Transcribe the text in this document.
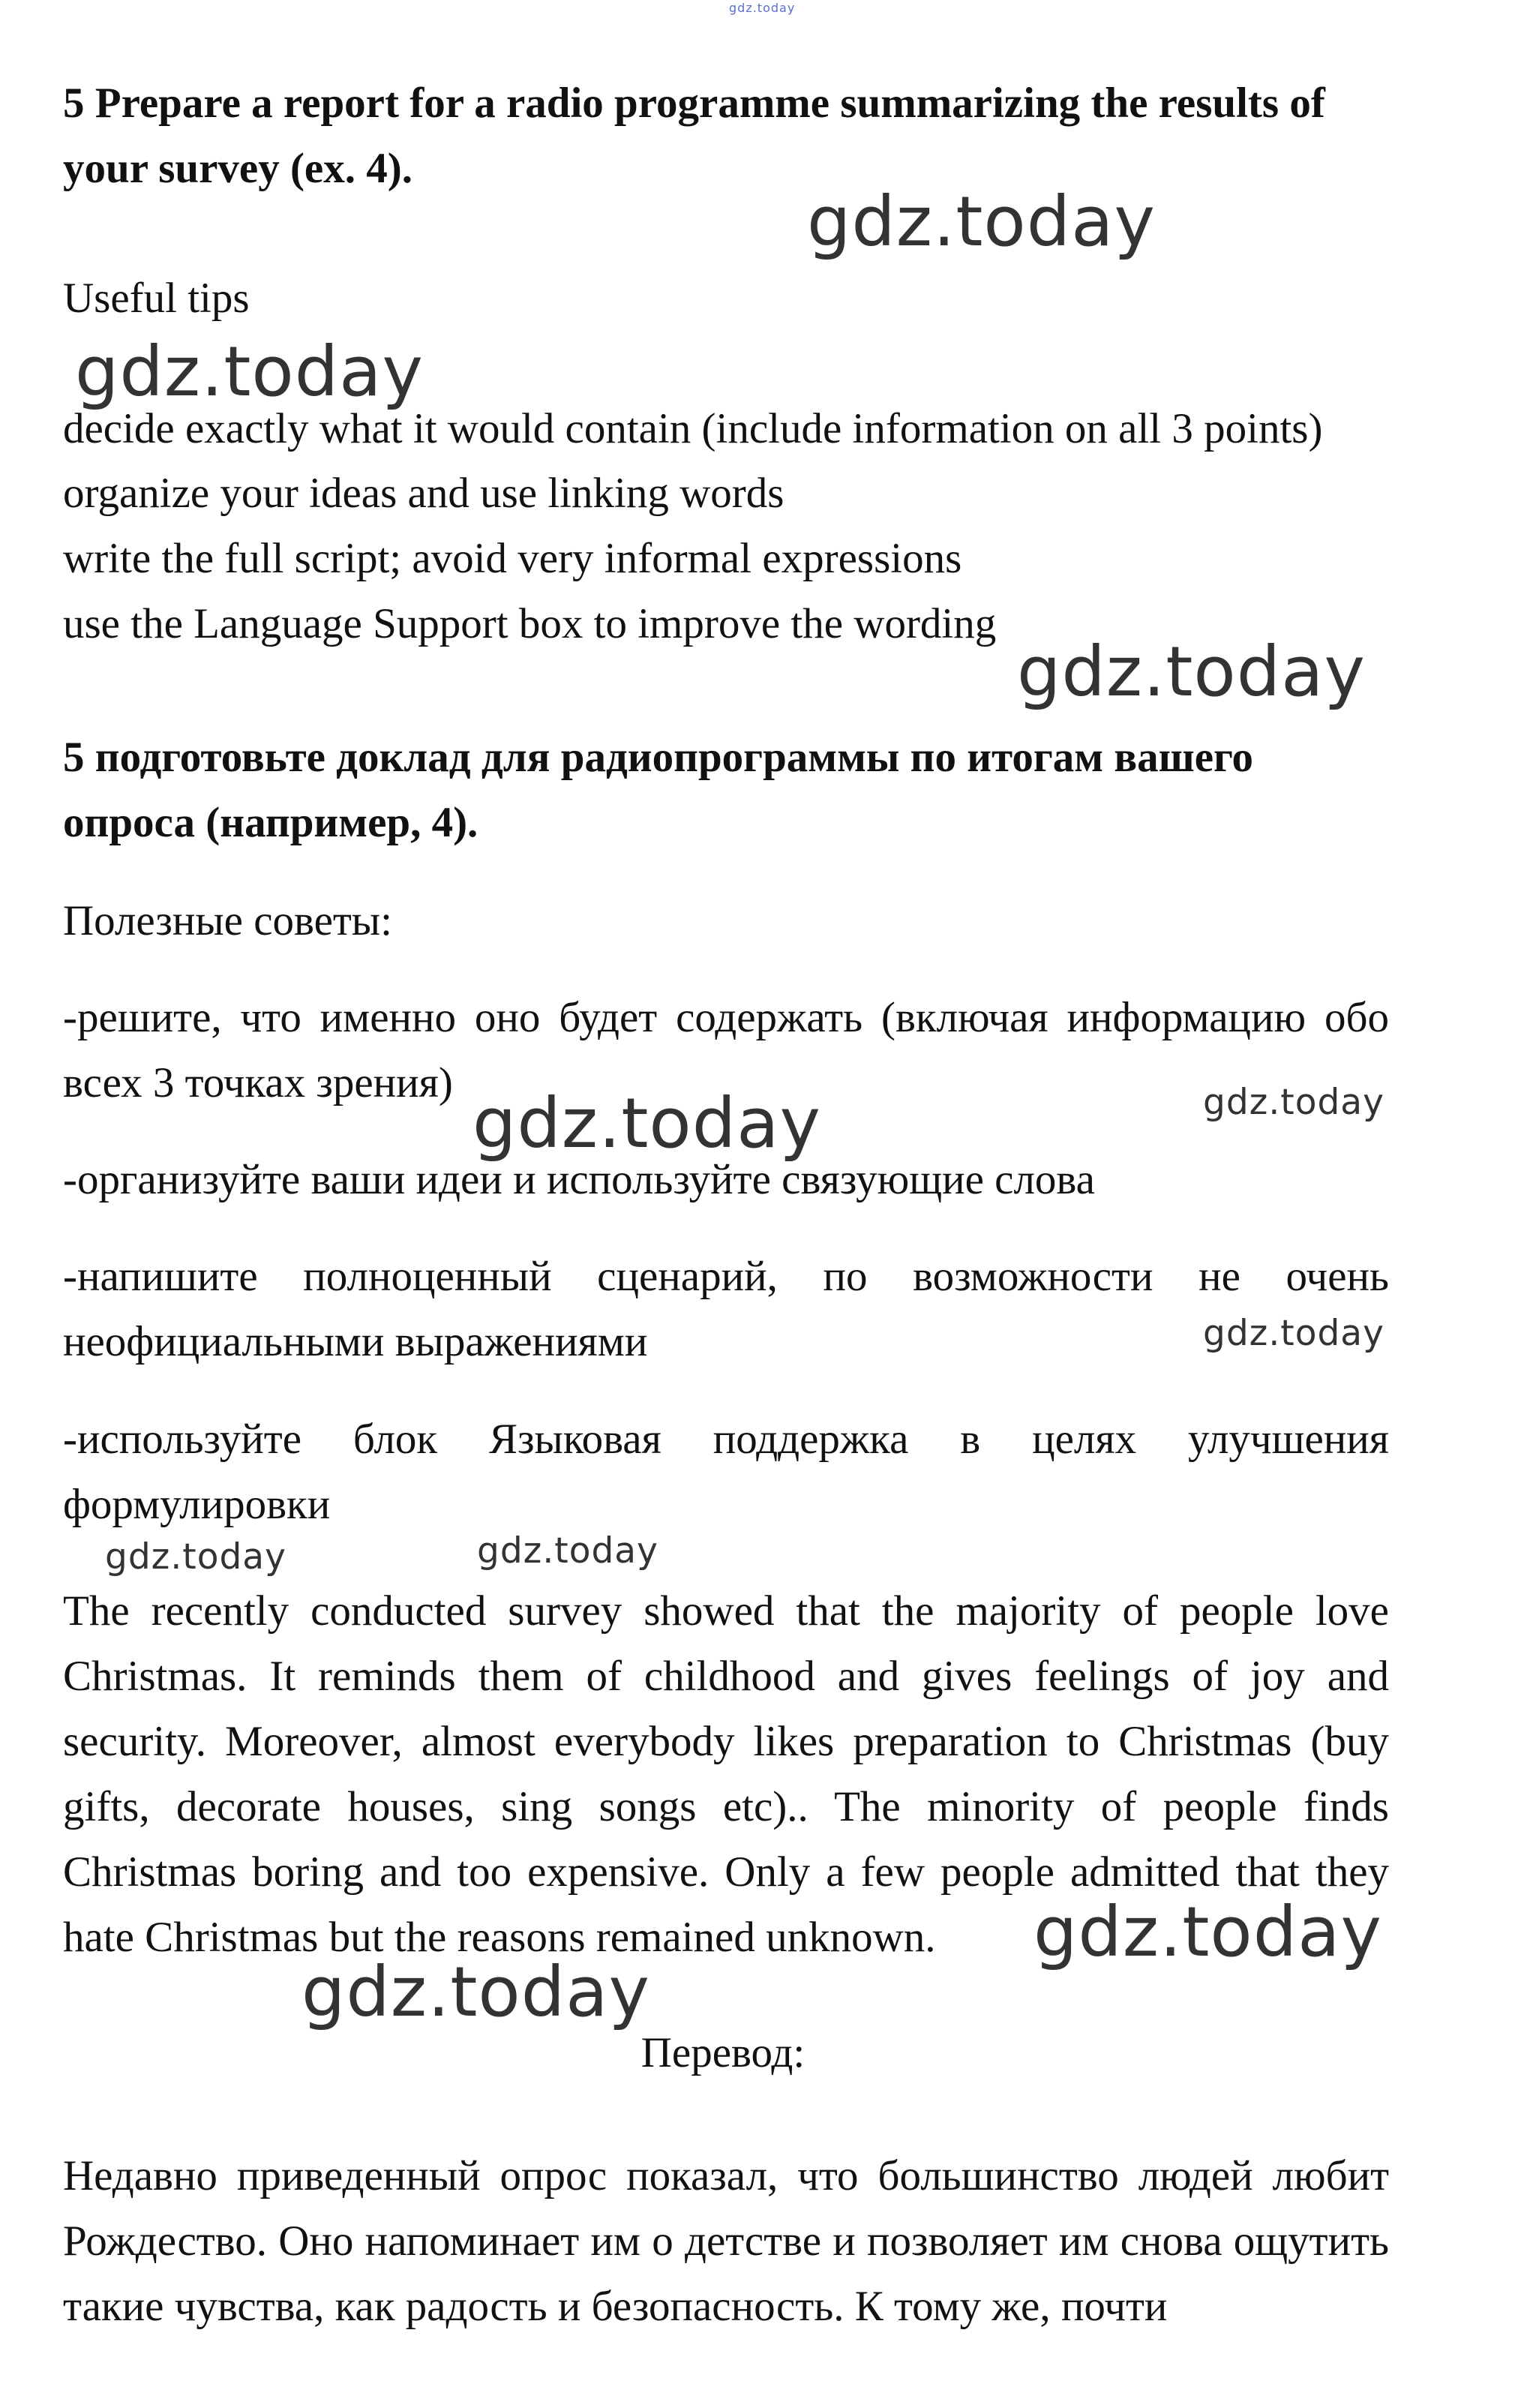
gdz.today

5 Prepare a report for a radio programme summarizing the results of your survey (ex. 4).

Useful tips

decide exactly what it would contain (include information on all 3 points)

organize your ideas and use linking words

write the full script; avoid very informal expressions

use the Language Support box to improve the wording

5 подготовьте доклад для радиопрограммы по итогам вашего опроса (например, 4).

Полезные советы:

-решите, что именно оно будет содержать (включая информацию обо всех 3 точках зрения)

-организуйте ваши идеи и используйте связующие слова

-напишите полноценный сценарий, по возможности не очень неофициальными выражениями

-используйте блок Языковая поддержка в целях улучшения формулировки

The recently conducted survey showed that the majority of people love Christmas. It reminds them of childhood and gives feelings of joy and security. Moreover, almost everybody likes preparation to Christmas (buy gifts, decorate houses, sing songs etc).. The minority of people finds Christmas boring and too expensive. Only a few people admitted that they hate Christmas but the reasons remained unknown.

Перевод:

Недавно приведенный опрос показал, что большинство людей любит Рождество. Оно напоминает им о детстве и позволяет им снова ощутить такие чувства, как радость и безопасность. К тому же, почти

gdz.today
gdz.today
gdz.today
gdz.today	gdz.today
gdz.today
gdz.today	gdz.today
gdz.today
gdz.today
